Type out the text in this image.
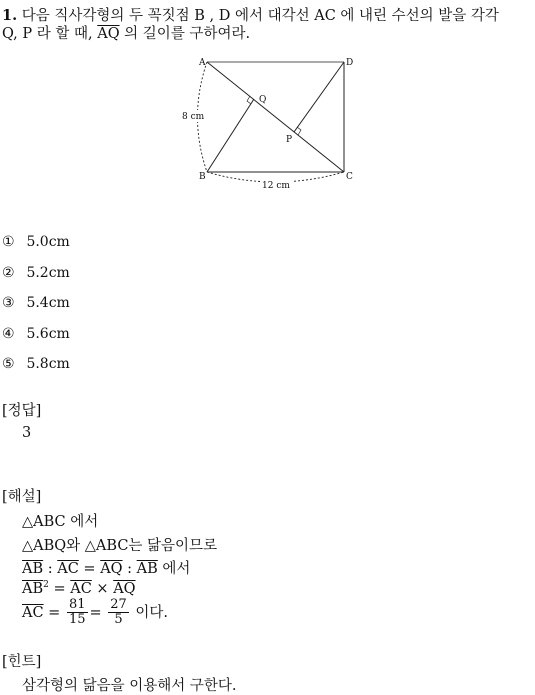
1. 다음 직사각형의 두 꼭짓점 B , D 에서 대각선 AC 에 내린 수선의 발을 각각
Q, P 라 할 때, $\overline{AQ}$ 의 길이를 구하여라.
A	D
B	C
Q
P
8 cm
12 cm
① 5.0cm
② 5.2cm
③ 5.4cm
④ 5.6cm
⑤ 5.8cm
[정답]
3
[해설]
△ABC 에서
△ABQ와 △ABC는 닮음이므로
$\overline{AB}$ : $\overline{AC} = \overline{AQ}$ : $\overline{AB}$ 에서
$\overline{AB}^2 = \overline{AC} \times \overline{AQ}$
$\overline{AC} = \frac{81}{15} = \frac{27}{5}$ 이다.
[힌트]
삼각형의 닮음을 이용해서 구한다.
